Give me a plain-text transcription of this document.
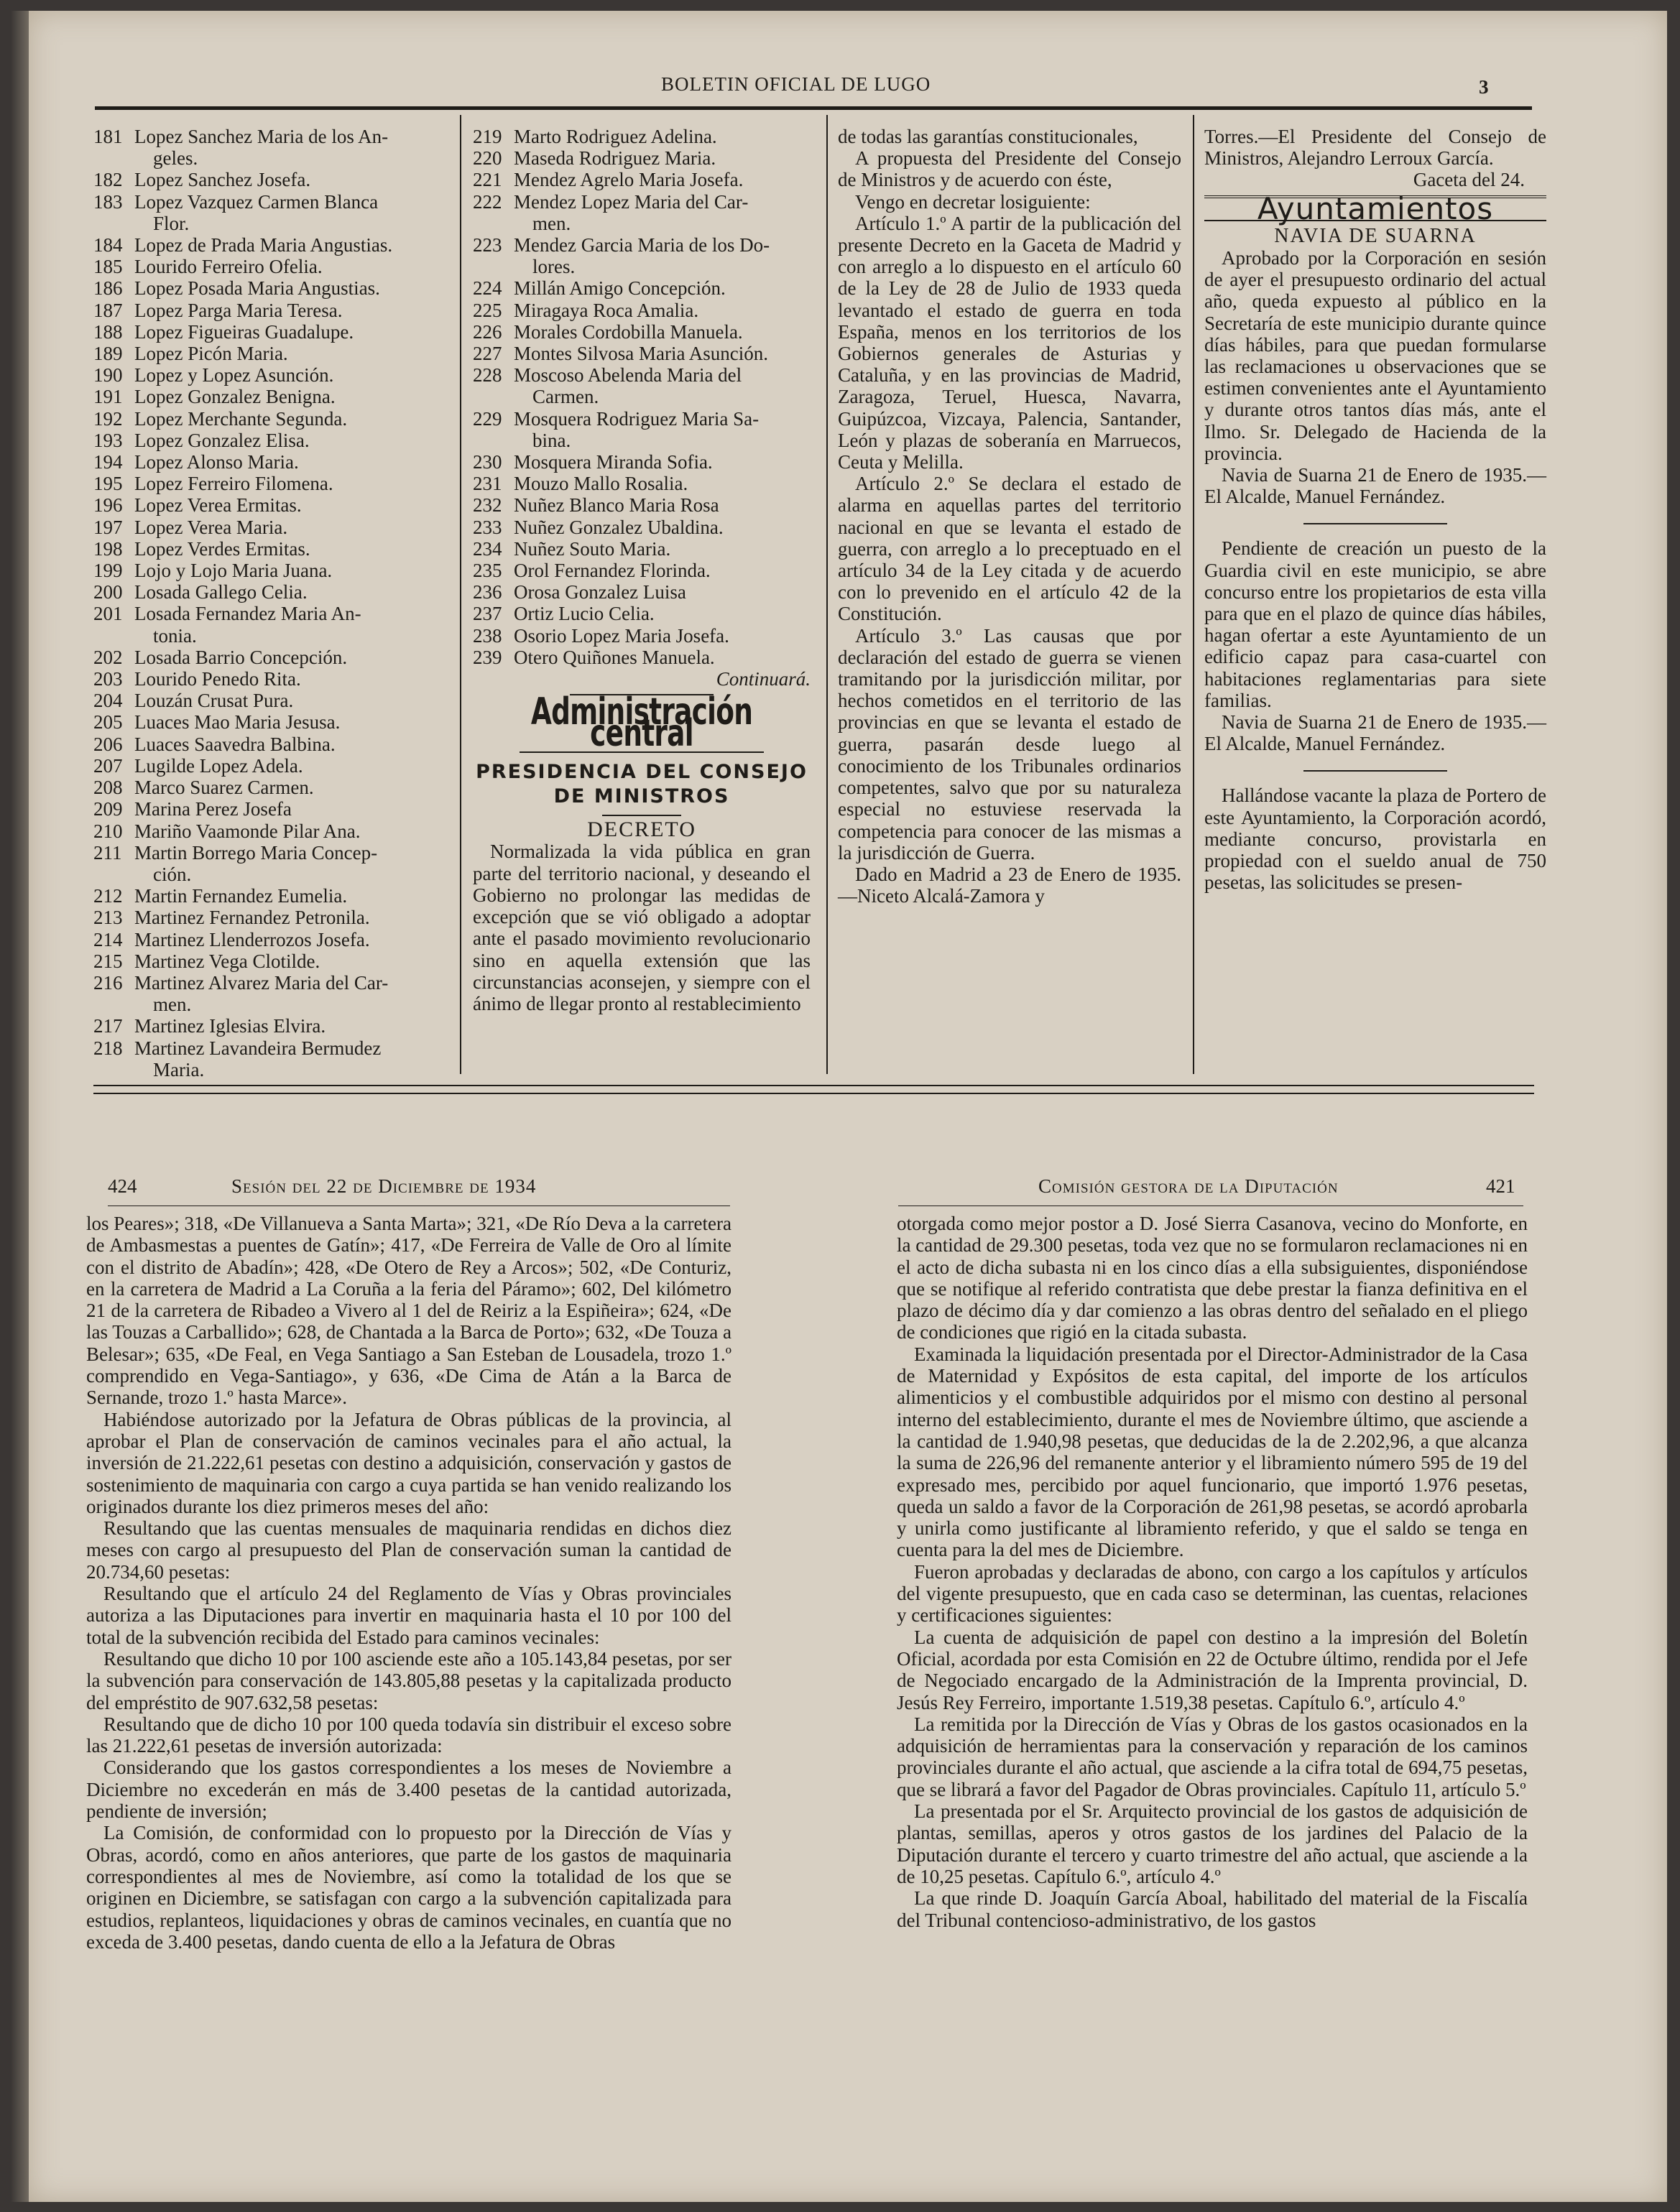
BOLETIN OFICIAL DE LUGO	3
181 Lopez Sanchez Maria de los An-
geles.
182 Lopez Sanchez Josefa.
183 Lopez Vazquez Carmen Blanca
Flor.
184 Lopez de Prada Maria Angustias.
185 Lourido Ferreiro Ofelia.
186 Lopez Posada Maria Angustias.
187 Lopez Parga Maria Teresa.
188 Lopez Figueiras Guadalupe.
189 Lopez Picón Maria.
190 Lopez y Lopez Asunción.
191 Lopez Gonzalez Benigna.
192 Lopez Merchante Segunda.
193 Lopez Gonzalez Elisa.
194 Lopez Alonso Maria.
195 Lopez Ferreiro Filomena.
196 Lopez Verea Ermitas.
197 Lopez Verea Maria.
198 Lopez Verdes Ermitas.
199 Lojo y Lojo Maria Juana.
200 Losada Gallego Celia.
201 Losada Fernandez Maria An-
tonia.
202 Losada Barrio Concepción.
203 Lourido Penedo Rita.
204 Louzán Crusat Pura.
205 Luaces Mao Maria Jesusa.
206 Luaces Saavedra Balbina.
207 Lugilde Lopez Adela.
208 Marco Suarez Carmen.
209 Marina Perez Josefa
210 Mariño Vaamonde Pilar Ana.
211 Martin Borrego Maria Concep-
ción.
212 Martin Fernandez Eumelia.
213 Martinez Fernandez Petronila.
214 Martinez Llenderrozos Josefa.
215 Martinez Vega Clotilde.
216 Martinez Alvarez Maria del Car-
men.
217 Martinez Iglesias Elvira.
218 Martinez Lavandeira Bermudez
Maria.
219 Marto Rodriguez Adelina.
220 Maseda Rodriguez Maria.
221 Mendez Agrelo Maria Josefa.
222 Mendez Lopez Maria del Car-
men.
223 Mendez Garcia Maria de los Do-
lores.
224 Millán Amigo Concepción.
225 Miragaya Roca Amalia.
226 Morales Cordobilla Manuela.
227 Montes Silvosa Maria Asunción.
228 Moscoso Abelenda Maria del
Carmen.
229 Mosquera Rodriguez Maria Sa-
bina.
230 Mosquera Miranda Sofia.
231 Mouzo Mallo Rosalia.
232 Nuñez Blanco Maria Rosa
233 Nuñez Gonzalez Ubaldina.
234 Nuñez Souto Maria.
235 Orol Fernandez Florinda.
236 Orosa Gonzalez Luisa
237 Ortiz Lucio Celia.
238 Osorio Lopez Maria Josefa.
239 Otero Quiñones Manuela.
Continuará.
Administración central
PRESIDENCIA DEL CONSEJO DE MINISTROS
DECRETO
Normalizada la vida pública en gran parte del territorio nacional, y deseando el Gobierno no prolongar las medidas de excepción que se vió obligado a adoptar ante el pasado movimiento revolucionario sino en aquella extensión que las circunstancias aconsejen, y siempre con el ánimo de llegar pronto al restablecimiento
de todas las garantías constitucionales,
A propuesta del Presidente del Consejo de Ministros y de acuerdo con éste,
Vengo en decretar losiguiente:
Artículo 1.º A partir de la publicación del presente Decreto en la Gaceta de Madrid y con arreglo a lo dispuesto en el artículo 60 de la Ley de 28 de Julio de 1933 queda levantado el estado de guerra en toda España, menos en los territorios de los Gobiernos generales de Asturias y Cataluña, y en las provincias de Madrid, Zaragoza, Teruel, Huesca, Navarra, Guipúzcoa, Vizcaya, Palencia, Santander, León y plazas de soberanía en Marruecos, Ceuta y Melilla.
Artículo 2.º Se declara el estado de alarma en aquellas partes del territorio nacional en que se levanta el estado de guerra, con arreglo a lo preceptuado en el artículo 34 de la Ley citada y de acuerdo con lo prevenido en el artículo 42 de la Constitución.
Artículo 3.º Las causas que por declaración del estado de guerra se vienen tramitando por la jurisdicción militar, por hechos cometidos en el territorio de las provincias en que se levanta el estado de guerra, pasarán desde luego al conocimiento de los Tribunales ordinarios competentes, salvo que por su naturaleza especial no estuviese reservada la competencia para conocer de las mismas a la jurisdicción de Guerra.
Dado en Madrid a 23 de Enero de 1935.—Niceto Alcalá-Zamora y
Torres.—El Presidente del Consejo de Ministros, Alejandro Lerroux García.
Gaceta del 24.
Ayuntamientos
NAVIA DE SUARNA
Aprobado por la Corporación en sesión de ayer el presupuesto ordinario del actual año, queda expuesto al público en la Secretaría de este municipio durante quince días hábiles, para que puedan formularse las reclamaciones u observaciones que se estimen convenientes ante el Ayuntamiento y durante otros tantos días más, ante el Ilmo. Sr. Delegado de Hacienda de la provincia.
Navia de Suarna 21 de Enero de 1935.—El Alcalde, Manuel Fernández.
Pendiente de creación un puesto de la Guardia civil en este municipio, se abre concurso entre los propietarios de esta villa para que en el plazo de quince días hábiles, hagan ofertar a este Ayuntamiento de un edificio capaz para casa-cuartel con habitaciones reglamentarias para siete familias.
Navia de Suarna 21 de Enero de 1935.—El Alcalde, Manuel Fernández.
Hallándose vacante la plaza de Portero de este Ayuntamiento, la Corporación acordó, mediante concurso, provistarla en propiedad con el sueldo anual de 750 pesetas, las solicitudes se presen-
424	Sesión del 22 de Diciembre de 1934	Comisión gestora de la Diputación	421
los Peares»; 318, «De Villanueva a Santa Marta»; 321, «De Río Deva a la carretera de Ambasmestas a puentes de Gatín»; 417, «De Ferreira de Valle de Oro al límite con el distrito de Abadín»; 428, «De Otero de Rey a Arcos»; 502, «De Conturiz, en la carretera de Madrid a La Coruña a la feria del Páramo»; 602, Del kilómetro 21 de la carretera de Ribadeo a Vivero al 1 del de Reiriz a la Espiñeira»; 624, «De las Touzas a Carballido»; 628, de Chantada a la Barca de Porto»; 632, «De Touza a Belesar»; 635, «De Feal, en Vega Santiago a San Esteban de Lousadela, trozo 1.º comprendido en Vega-Santiago», y 636, «De Cima de Atán a la Barca de Sernande, trozo 1.º hasta Marce».
Habiéndose autorizado por la Jefatura de Obras públicas de la provincia, al aprobar el Plan de conservación de caminos vecinales para el año actual, la inversión de 21.222,61 pesetas con destino a adquisición, conservación y gastos de sostenimiento de maquinaria con cargo a cuya partida se han venido realizando los originados durante los diez primeros meses del año:
Resultando que las cuentas mensuales de maquinaria rendidas en dichos diez meses con cargo al presupuesto del Plan de conservación suman la cantidad de 20.734,60 pesetas:
Resultando que el artículo 24 del Reglamento de Vías y Obras provinciales autoriza a las Diputaciones para invertir en maquinaria hasta el 10 por 100 del total de la subvención recibida del Estado para caminos vecinales:
Resultando que dicho 10 por 100 asciende este año a 105.143,84 pesetas, por ser la subvención para conservación de 143.805,88 pesetas y la capitalizada producto del empréstito de 907.632,58 pesetas:
Resultando que de dicho 10 por 100 queda todavía sin distribuir el exceso sobre las 21.222,61 pesetas de inversión autorizada:
Considerando que los gastos correspondientes a los meses de Noviembre a Diciembre no excederán en más de 3.400 pesetas de la cantidad autorizada, pendiente de inversión;
La Comisión, de conformidad con lo propuesto por la Dirección de Vías y Obras, acordó, como en años anteriores, que parte de los gastos de maquinaria correspondientes al mes de Noviembre, así como la totalidad de los que se originen en Diciembre, se satisfagan con cargo a la subvención capitalizada para estudios, replanteos, liquidaciones y obras de caminos vecinales, en cuantía que no exceda de 3.400 pesetas, dando cuenta de ello a la Jefatura de Obras
otorgada como mejor postor a D. José Sierra Casanova, vecino do Monforte, en la cantidad de 29.300 pesetas, toda vez que no se formularon reclamaciones ni en el acto de dicha subasta ni en los cinco días a ella subsiguientes, disponiéndose que se notifique al referido contratista que debe prestar la fianza definitiva en el plazo de décimo día y dar comienzo a las obras dentro del señalado en el pliego de condiciones que rigió en la citada subasta.
Examinada la liquidación presentada por el Director-Administrador de la Casa de Maternidad y Expósitos de esta capital, del importe de los artículos alimenticios y el combustible adquiridos por el mismo con destino al personal interno del establecimiento, durante el mes de Noviembre último, que asciende a la cantidad de 1.940,98 pesetas, que deducidas de la de 2.202,96, a que alcanza la suma de 226,96 del remanente anterior y el libramiento número 595 de 19 del expresado mes, percibido por aquel funcionario, que importó 1.976 pesetas, queda un saldo a favor de la Corporación de 261,98 pesetas, se acordó aprobarla y unirla como justificante al libramiento referido, y que el saldo se tenga en cuenta para la del mes de Diciembre.
Fueron aprobadas y declaradas de abono, con cargo a los capítulos y artículos del vigente presupuesto, que en cada caso se determinan, las cuentas, relaciones y certificaciones siguientes:
La cuenta de adquisición de papel con destino a la impresión del Boletín Oficial, acordada por esta Comisión en 22 de Octubre último, rendida por el Jefe de Negociado encargado de la Administración de la Imprenta provincial, D. Jesús Rey Ferreiro, importante 1.519,38 pesetas. Capítulo 6.º, artículo 4.º
La remitida por la Dirección de Vías y Obras de los gastos ocasionados en la adquisición de herramientas para la conservación y reparación de los caminos provinciales durante el año actual, que asciende a la cifra total de 694,75 pesetas, que se librará a favor del Pagador de Obras provinciales. Capítulo 11, artículo 5.º
La presentada por el Sr. Arquitecto provincial de los gastos de adquisición de plantas, semillas, aperos y otros gastos de los jardines del Palacio de la Diputación durante el tercero y cuarto trimestre del año actual, que asciende a la de 10,25 pesetas. Capítulo 6.º, artículo 4.º
La que rinde D. Joaquín García Aboal, habilitado del material de la Fiscalía del Tribunal contencioso-administrativo, de los gastos
